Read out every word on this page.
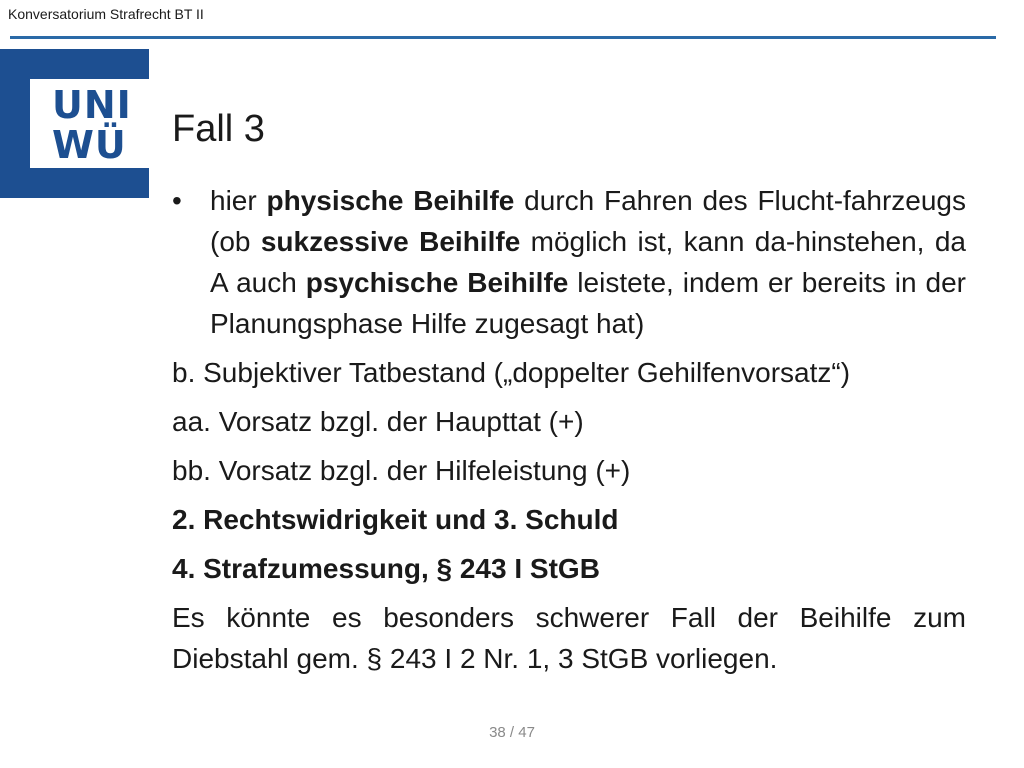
Konversatorium Strafrecht BT II
UNI
WÜ Fall 3
•	hier physische Beihilfe durch Fahren des Flucht-fahrzeugs (ob sukzessive Beihilfe möglich ist, kann da-hinstehen, da A auch psychische Beihilfe leistete, indem er bereits in der Planungsphase Hilfe zugesagt hat)
b. Subjektiver Tatbestand („doppelter Gehilfenvorsatz“)
aa. Vorsatz bzgl. der Haupttat (+)
bb. Vorsatz bzgl. der Hilfeleistung (+)
2. Rechtswidrigkeit und 3. Schuld
4. Strafzumessung, § 243 I StGB
Es könnte es besonders schwerer Fall der Beihilfe zum Diebstahl gem. § 243 I 2 Nr. 1, 3 StGB vorliegen.
38 / 47
